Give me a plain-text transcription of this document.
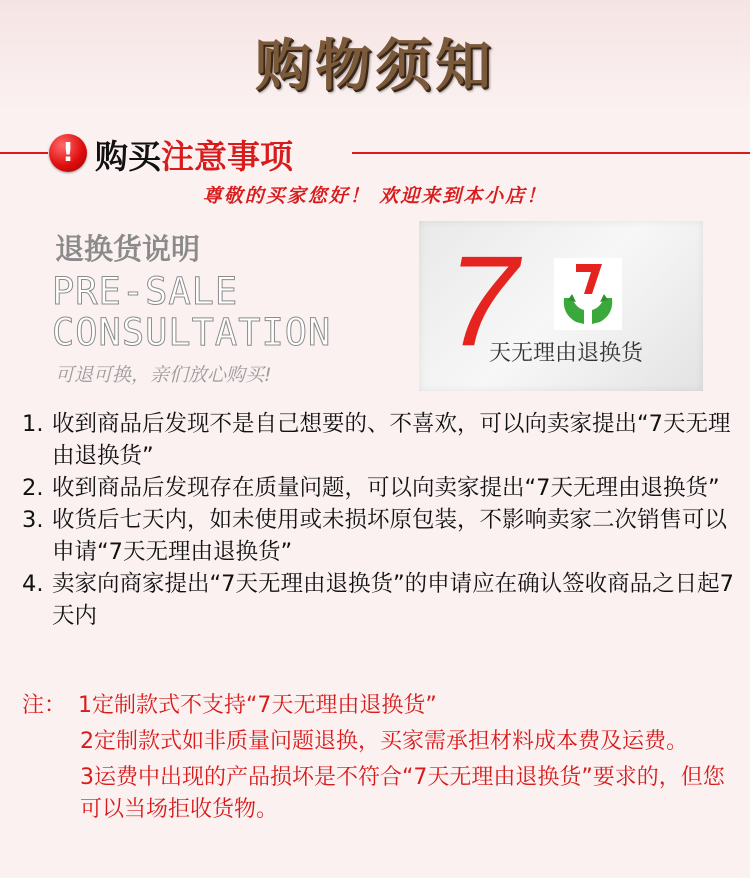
购物须知
! 购买注意事项
尊敬的买家您好！ 欢迎来到本小店！
退换货说明
PRE-SALE
CONSULTATION
可退可换，亲们放心购买!
7
天无理由退换货
1. 收到商品后发现不是自己想要的、不喜欢，可以向卖家提出“7天无理由退换货”
2. 收到商品后发现存在质量问题，可以向卖家提出“7天无理由退换货”
3. 收货后七天内，如未使用或未损坏原包装，不影响卖家二次销售可以申请“7天无理由退换货”
4. 卖家向商家提出“7天无理由退换货”的申请应在确认签收商品之日起7天内
注： 1定制款式不支持“7天无理由退换货”
2定制款式如非质量问题退换，买家需承担材料成本费及运费。
3运费中出现的产品损坏是不符合“7天无理由退换货”要求的，但您可以当场拒收货物。
